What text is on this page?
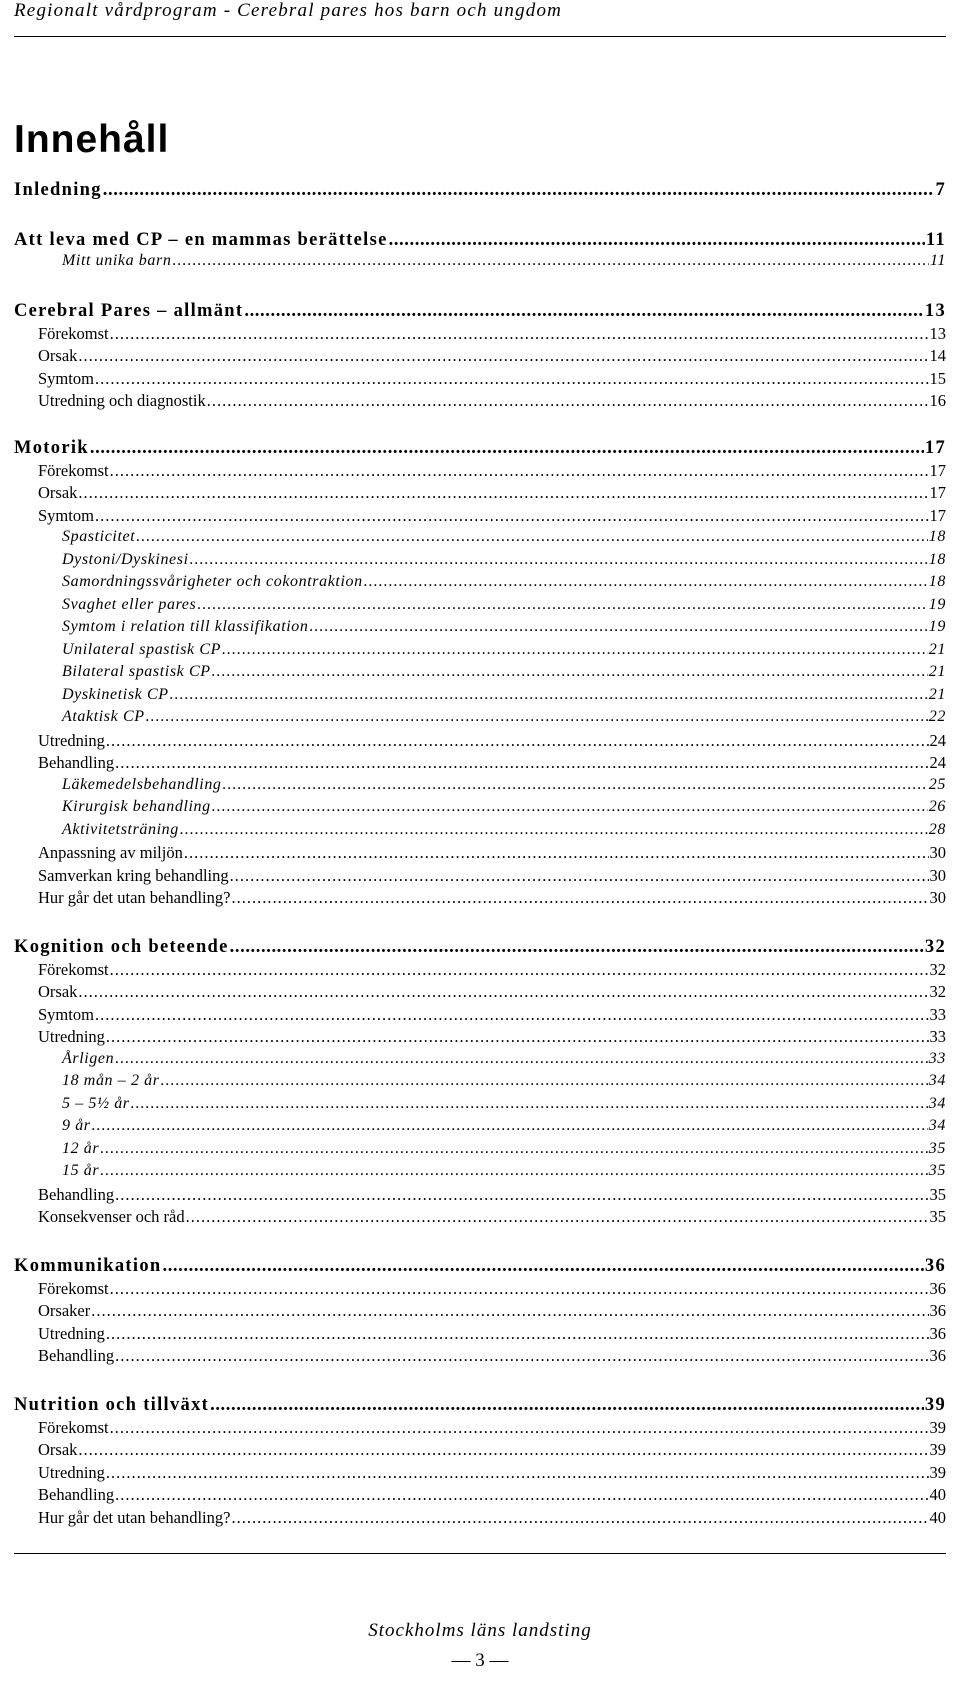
Regionalt vårdprogram - Cerebral pares hos barn och ungdom
Innehåll
Inledning .....	7
Att leva med CP – en mammas berättelse .....	11
Mitt unika barn .....	11
Cerebral Pares – allmänt .....	13
Förekomst .....	13
Orsak .....	14
Symtom .....	15
Utredning och diagnostik .....	16
Motorik .....	17
Förekomst .....	17
Orsak .....	17
Symtom .....	17
Spasticitet .....	18
Dystoni/Dyskinesi .....	18
Samordningssvårigheter och cokontraktion .....	18
Svaghet eller pares .....	19
Symtom i relation till klassifikation .....	19
Unilateral spastisk CP .....	21
Bilateral spastisk CP .....	21
Dyskinetisk CP .....	21
Ataktisk CP .....	22
Utredning .....	24
Behandling .....	24
Läkemedelsbehandling .....	25
Kirurgisk behandling .....	26
Aktivitetsträning .....	28
Anpassning av miljön .....	30
Samverkan kring behandling .....	30
Hur går det utan behandling? .....	30
Kognition och beteende .....	32
Förekomst .....	32
Orsak .....	32
Symtom .....	33
Utredning .....	33
Årligen .....	33
18 mån – 2 år .....	34
5 – 5½ år .....	34
9 år .....	34
12 år .....	35
15 år .....	35
Behandling .....	35
Konsekvenser och råd .....	35
Kommunikation .....	36
Förekomst .....	36
Orsaker .....	36
Utredning .....	36
Behandling .....	36
Nutrition och tillväxt .....	39
Förekomst .....	39
Orsak .....	39
Utredning .....	39
Behandling .....	40
Hur går det utan behandling? .....	40
Stockholms läns landsting
— 3 —
